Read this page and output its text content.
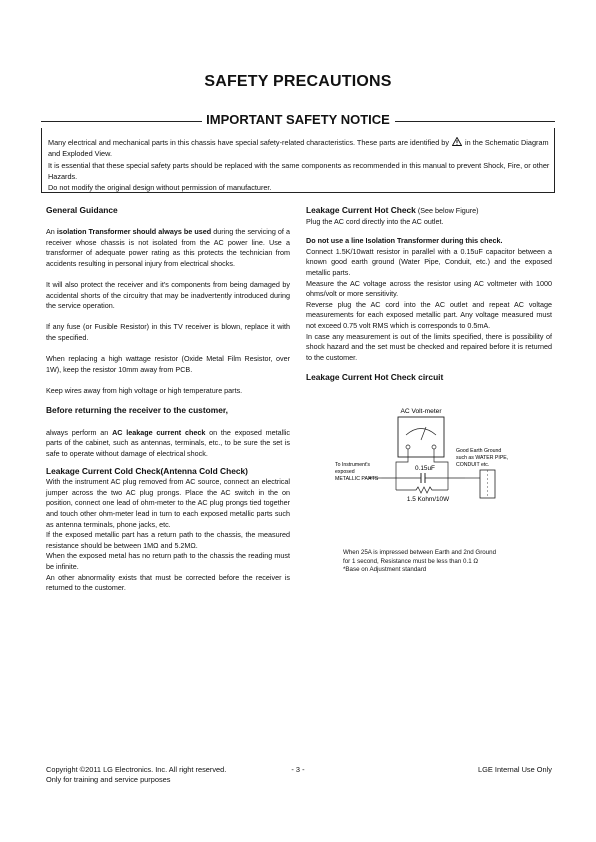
SAFETY PRECAUTIONS
IMPORTANT SAFETY NOTICE

Many electrical and mechanical parts in this chassis have special safety-related characteristics. These parts are identified by in the Schematic Diagram and Exploded View.

It is essential that these special safety parts should be replaced with the same components as recommended in this manual to prevent Shock, Fire, or other Hazards.

Do not modify the original design without permission of manufacturer.

General Guidance

An isolation Transformer should always be used during the servicing of a receiver whose chassis is not isolated from the AC power line. Use a transformer of adequate power rating as this protects the technician from accidents resulting in personal injury from electrical shocks.

It will also protect the receiver and it's components from being damaged by accidental shorts of the circuitry that may be inadvertently introduced during the service operation.

If any fuse (or Fusible Resistor) in this TV receiver is blown, replace it with the specified.

When replacing a high wattage resistor (Oxide Metal Film Resistor, over 1W), keep the resistor 10mm away from PCB.

Keep wires away from high voltage or high temperature parts.

Before returning the receiver to the customer,

always perform an AC leakage current check on the exposed metallic parts of the cabinet, such as antennas, terminals, etc., to be sure the set is safe to operate without damage of electrical shock.

Leakage Current Cold Check(Antenna Cold Check)

With the instrument AC plug removed from AC source, connect an electrical jumper across the two AC plug prongs. Place the AC switch in the on position, connect one lead of ohm-meter to the AC plug prongs tied together and touch other ohm-meter lead in turn to each exposed metallic parts such as antenna terminals, phone jacks, etc.

If the exposed metallic part has a return path to the chassis, the measured resistance should be between 1MΩ and 5.2MΩ.

When the exposed metal has no return path to the chassis the reading must be infinite.

An other abnormality exists that must be corrected before the receiver is returned to the customer.

Leakage Current Hot Check (See below Figure)

Plug the AC cord directly into the AC outlet.

Do not use a line Isolation Transformer during this check.

Connect 1.5K/10watt resistor in parallel with a 0.15uF capacitor between a known good earth ground (Water Pipe, Conduit, etc.) and the exposed metallic parts.

Measure the AC voltage across the resistor using AC voltmeter with 1000 ohms/volt or more sensitivity.

Reverse plug the AC cord into the AC outlet and repeat AC voltage measurements for each exposed metallic part. Any voltage measured must not exceed 0.75 volt RMS which is corresponds to 0.5mA.

In case any measurement is out of the limits specified, there is possibility of shock hazard and the set must be checked and repaired before it is returned to the customer.

Leakage Current Hot Check circuit

AC Volt-meter
0.15uF
1.5 Kohm/10W
To Instrument's
exposed
METALLIC PARTS
Good Earth Ground
such as WATER PIPE,
CONDUIT etc.

When 25A is impressed between Earth and 2nd Ground

for 1 second, Resistance must be less than 0.1 Ω

*Base on Adjustment standard

Copyright ©2011 LG Electronics. Inc. All right reserved.

Only for training and service purposes

- 3 -	LGE Internal Use Only
